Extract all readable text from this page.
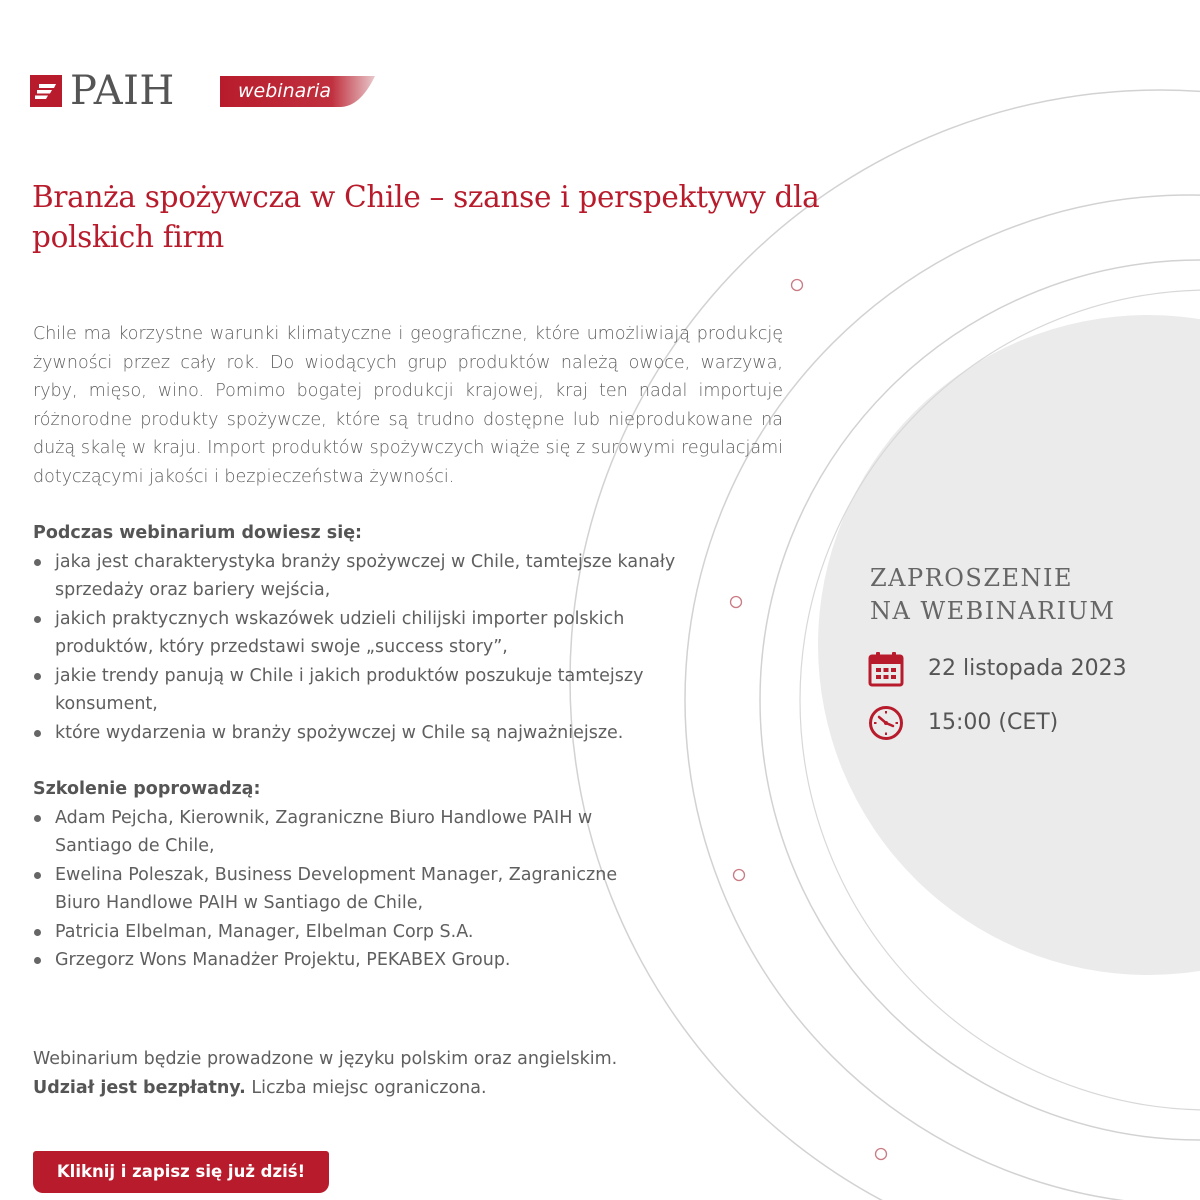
PAIH	webinaria
Branża spożywcza w Chile – szanse i perspektywy dla polskich firm

Chile ma korzystne warunki klimatyczne i geograficzne, które umożliwiają produkcję żywności przez cały rok. Do wiodących grup produktów należą owoce, warzywa, ryby, mięso, wino. Pomimo bogatej produkcji krajowej, kraj ten nadal importuje różnorodne produkty spożywcze, które są trudno dostępne lub nieprodukowane na dużą skalę w kraju. Import produktów spożywczych wiąże się z surowymi regulacjami dotyczącymi jakości i bezpieczeństwa żywności.

Podczas webinarium dowiesz się:

jaka jest charakterystyka branży spożywczej w Chile, tamtejsze kanały sprzedaży oraz bariery wejścia,
jakich praktycznych wskazówek udzieli chilijski importer polskich produktów, który przedstawi swoje „success story”,
jakie trendy panują w Chile i jakich produktów poszukuje tamtejszy konsument,
które wydarzenia w branży spożywczej w Chile są najważniejsze.

Szkolenie poprowadzą:

Adam Pejcha, Kierownik, Zagraniczne Biuro Handlowe PAIH w Santiago de Chile,
Ewelina Poleszak, Business Development Manager, Zagraniczne Biuro Handlowe PAIH w Santiago de Chile,
Patricia Elbelman, Manager, Elbelman Corp S.A.
Grzegorz Wons Manadżer Projektu, PEKABEX Group.

Webinarium będzie prowadzone w języku polskim oraz angielskim.

Udział jest bezpłatny. Liczba miejsc ograniczona.

Kliknij i zapisz się już dziś!
ZAPROSZENIE
NA WEBINARIUM
22 listopada 2023
15:00 (CET)
